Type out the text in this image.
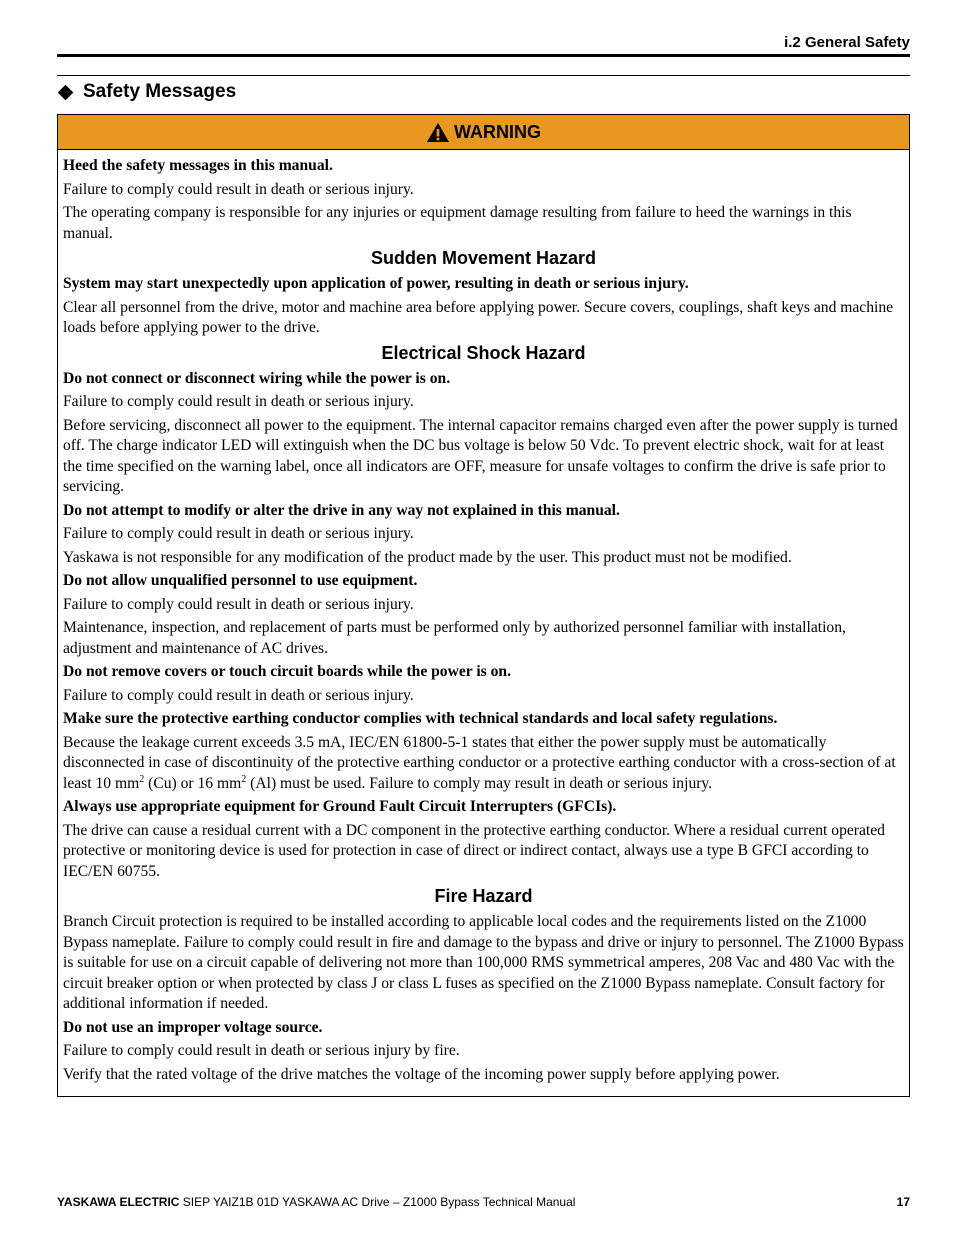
i.2 General Safety
Safety Messages
WARNING

Heed the safety messages in this manual.

Failure to comply could result in death or serious injury.

The operating company is responsible for any injuries or equipment damage resulting from failure to heed the warnings in this manual.

Sudden Movement Hazard

System may start unexpectedly upon application of power, resulting in death or serious injury.

Clear all personnel from the drive, motor and machine area before applying power. Secure covers, couplings, shaft keys and machine loads before applying power to the drive.

Electrical Shock Hazard

Do not connect or disconnect wiring while the power is on.

Failure to comply could result in death or serious injury.

Before servicing, disconnect all power to the equipment. The internal capacitor remains charged even after the power supply is turned off. The charge indicator LED will extinguish when the DC bus voltage is below 50 Vdc. To prevent electric shock, wait for at least the time specified on the warning label, once all indicators are OFF, measure for unsafe voltages to confirm the drive is safe prior to servicing.

Do not attempt to modify or alter the drive in any way not explained in this manual.

Failure to comply could result in death or serious injury.

Yaskawa is not responsible for any modification of the product made by the user. This product must not be modified.

Do not allow unqualified personnel to use equipment.

Failure to comply could result in death or serious injury.

Maintenance, inspection, and replacement of parts must be performed only by authorized personnel familiar with installation, adjustment and maintenance of AC drives.

Do not remove covers or touch circuit boards while the power is on.

Failure to comply could result in death or serious injury.

Make sure the protective earthing conductor complies with technical standards and local safety regulations.

Because the leakage current exceeds 3.5 mA, IEC/EN 61800-5-1 states that either the power supply must be automatically disconnected in case of discontinuity of the protective earthing conductor or a protective earthing conductor with a cross-section of at least 10 $mm^2$ (Cu) or 16 $mm^2$ (Al) must be used. Failure to comply may result in death or serious injury.

Always use appropriate equipment for Ground Fault Circuit Interrupters (GFCIs).

The drive can cause a residual current with a DC component in the protective earthing conductor. Where a residual current operated protective or monitoring device is used for protection in case of direct or indirect contact, always use a type B GFCI according to IEC/EN 60755.

Fire Hazard

Branch Circuit protection is required to be installed according to applicable local codes and the requirements listed on the Z1000 Bypass nameplate. Failure to comply could result in fire and damage to the bypass and drive or injury to personnel. The Z1000 Bypass is suitable for use on a circuit capable of delivering not more than 100,000 RMS symmetrical amperes, 208 Vac and 480 Vac with the circuit breaker option or when protected by class J or class L fuses as specified on the Z1000 Bypass nameplate. Consult factory for additional information if needed.

Do not use an improper voltage source.

Failure to comply could result in death or serious injury by fire.

Verify that the rated voltage of the drive matches the voltage of the incoming power supply before applying power.

YASKAWA ELECTRIC SIEP YAIZ1B 01D YASKAWA AC Drive – Z1000 Bypass Technical Manual	17
